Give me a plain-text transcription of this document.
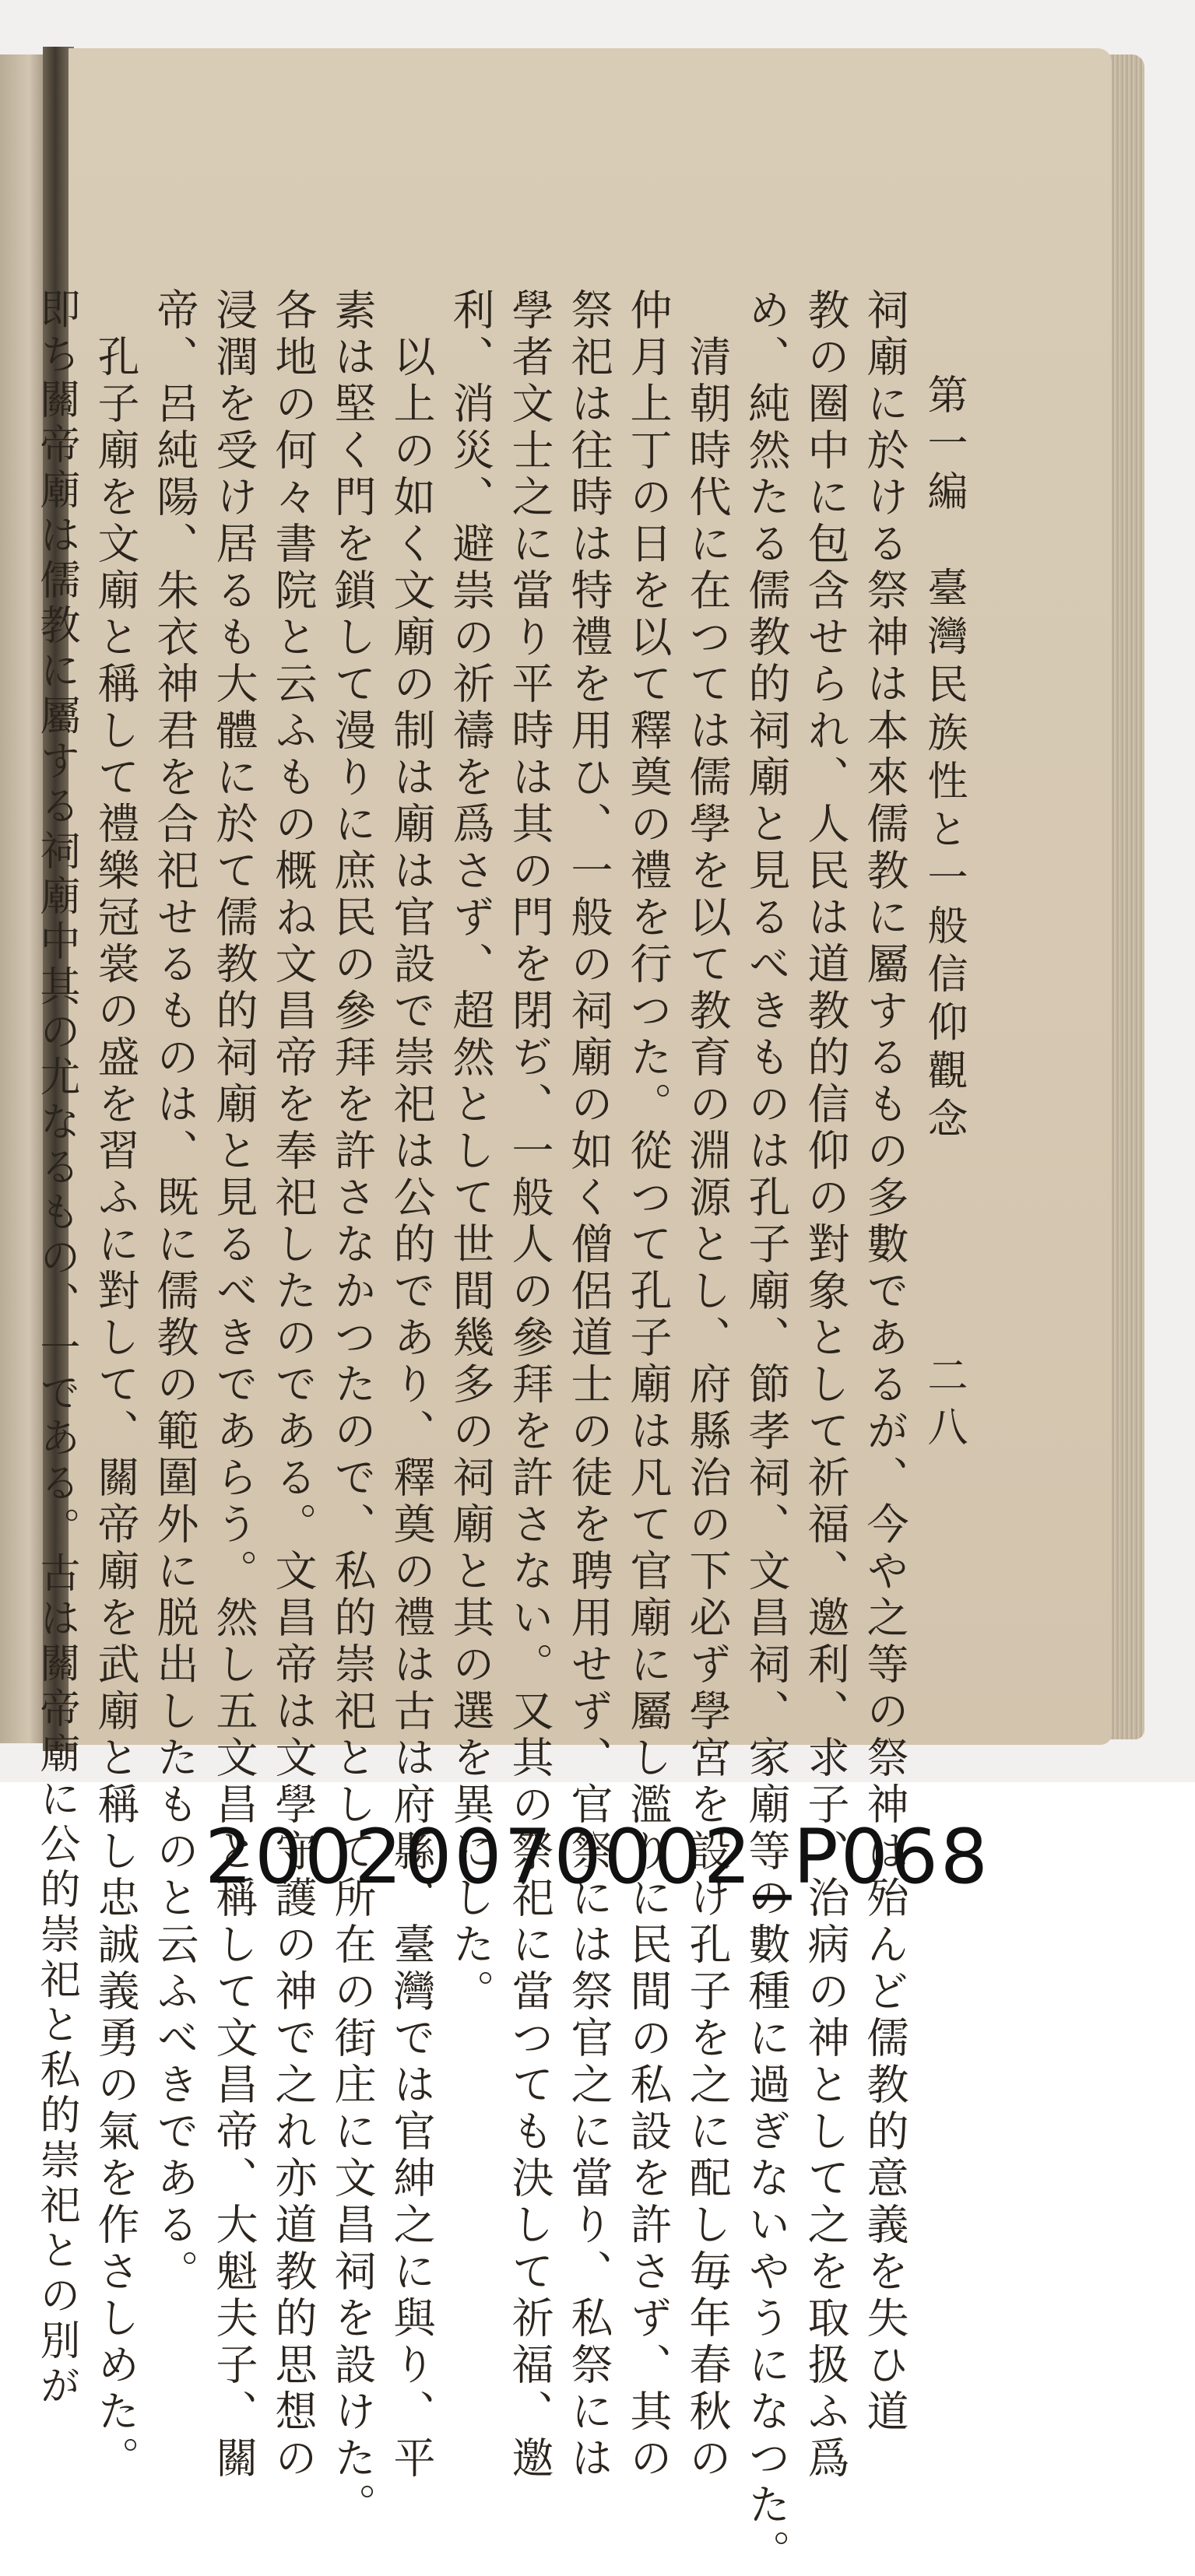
第一編　臺灣民族性と一般信仰觀念
祠廟に於ける祭神は本來儒教に屬するもの多數であるが、今や之等の祭神は殆んど儒教的意義を失ひ道
教の圈中に包含せられ、人民は道教的信仰の對象として祈福、邀利、求子、治病の神として之を取扱ふ爲
め、純然たる儒教的祠廟と見るべきものは孔子廟、節孝祠、文昌祠、家廟等の數種に過ぎないやうになつた。
清朝時代に在つては儒學を以て教育の淵源とし、府縣治の下必ず學宮を設け孔子を之に配し毎年春秋の
仲月上丁の日を以て釋奠の禮を行つた。從つて孔子廟は凡て官廟に屬し濫りに民間の私設を許さず、其の
祭祀は往時は特禮を用ひ、一般の祠廟の如く僧侶道士の徒を聘用せず、官祭には祭官之に當り、私祭には
學者文士之に當り平時は其の門を閉ぢ、一般人の參拜を許さない。又其の祭祀に當つても決して祈福、邀
利、消災、避祟の祈禱を爲さず、超然として世間幾多の祠廟と其の選を異にした。
以上の如く文廟の制は廟は官設で崇祀は公的であり、釋奠の禮は古は府縣、臺灣では官紳之に與り、平
素は堅く門を鎖して漫りに庶民の參拜を許さなかつたので、私的崇祀として所在の街庄に文昌祠を設けた。
各地の何々書院と云ふもの概ね文昌帝を奉祀したのである。文昌帝は文學守護の神で之れ亦道教的思想の
浸潤を受け居るも大體に於て儒教的祠廟と見るべきであらう。然し五文昌と稱して文昌帝、大魁夫子、關
帝、呂純陽、朱衣神君を合祀せるものは、既に儒教の範圍外に脱出したものと云ふべきである。
孔子廟を文廟と稱して禮樂冠裳の盛を習ふに對して、關帝廟を武廟と稱し忠誠義勇の氣を作さしめた。
即ち關帝廟は儒教に屬する祠廟中其の尤なるもの、一である。古は關帝廟に公的崇祀と私的崇祀との別が	二八
20020070002_P068
